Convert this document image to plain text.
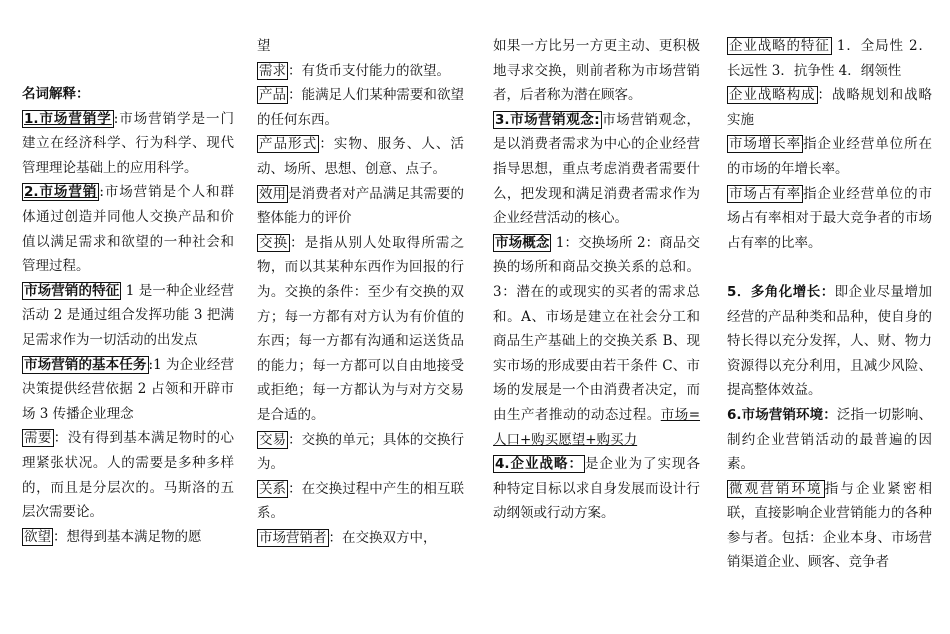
名词解释：

1.市场营销学 :市场营销学是一门建立在经济科学、行为科学、现代管理理论基础上的应用科学。

2.市场营销 :市场营销是个人和群体通过创造并同他人交换产品和价值以满足需求和欲望的一种社会和管理过程。

市场营销的特征 1 是一种企业经营活动 2 是通过组合发挥功能 3 把满足需求作为一切活动的出发点

市场营销的基本任务 :1 为企业经营决策提供经营依据 2 占领和开辟市场 3 传播企业理念

需要 ：没有得到基本满足物时的心理紧张状况。人的需要是多种多样的，而且是分层次的。马斯洛的五层次需要论。

欲望 ：想得到基本满足物的愿

望

需求 ：有货币支付能力的欲望。

产品 ：能满足人们某种需要和欲望的任何东西。

产品形式 ：实物、服务、人、活动、场所、思想、创意、点子。

效用 是消费者对产品满足其需要的整体能力的评价

交换 ：是指从别人处取得所需之物，而以其某种东西作为回报的行为。交换的条件：至少有交换的双方；每一方都有对方认为有价值的东西；每一方都有沟通和运送货品的能力；每一方都可以自由地接受或拒绝；每一方都认为与对方交易是合适的。

交易 ：交换的单元；具体的交换行为。

关系 ：在交换过程中产生的相互联系。

市场营销者 ：在交换双方中，

如果一方比另一方更主动、更积极地寻求交换，则前者称为市场营销者，后者称为潜在顾客。

3.市场营销观念: 市场营销观念，是以消费者需求为中心的企业经营指导思想，重点考虑消费者需要什么，把发现和满足消费者需求作为企业经营活动的核心。

市场概念 1：交换场所 2：商品交换的场所和商品交换关系的总和。3：潜在的或现实的买者的需求总和。A、市场是建立在社会分工和商品生产基础上的交换关系 B、现实市场的形成要由若干条件 C、市场的发展是一个由消费者决定，而由生产者推动的动态过程。市场=人口+购买愿望+购买力

4.企业战略： 是企业为了实现各种特定目标以求自身发展而设计行动纲领或行动方案。

企业战略的特征 1．全局性 2．长远性 3．抗争性 4．纲领性

企业战略构成 ：战略规划和战略实施

市场增长率 指企业经营单位所在的市场的年增长率。

市场占有率 指企业经营单位的市场占有率相对于最大竞争者的市场占有率的比率。

5．多角化增长：即企业尽量增加经营的产品种类和品种，使自身的特长得以充分发挥，人、财、物力资源得以充分利用，且减少风险、提高整体效益。

6.市场营销环境：泛指一切影响、制约企业营销活动的最普遍的因素。

微观营销环境 指与企业紧密相联，直接影响企业营销能力的各种参与者。包括：企业本身、市场营销渠道企业、顾客、竞争者
